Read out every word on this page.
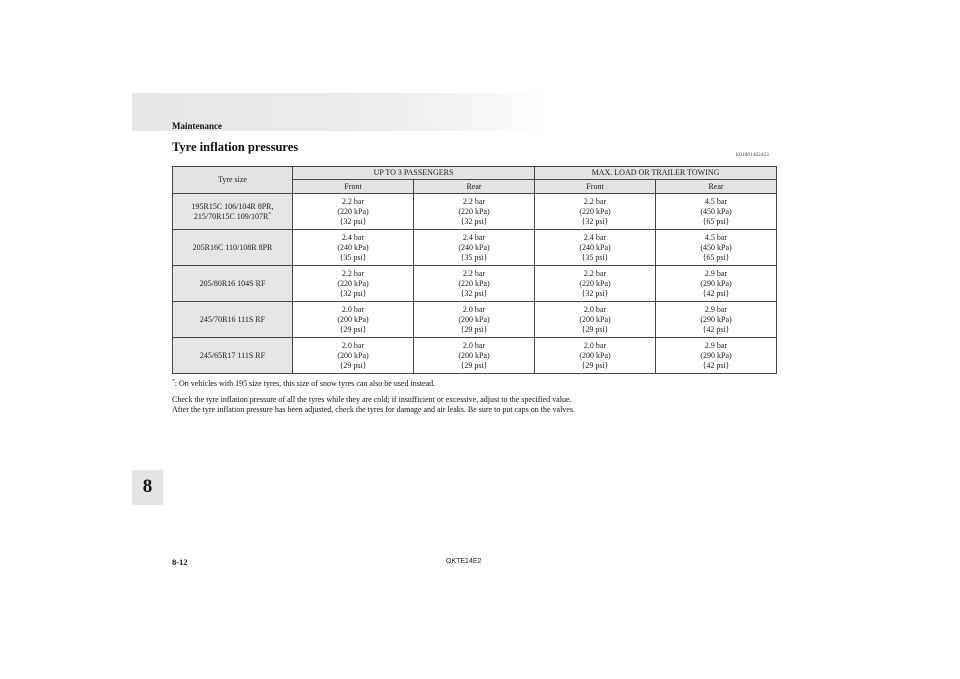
Maintenance
Tyre inflation pressures
E01001402423
Tyre size	UP TO 3 PASSENGERS		MAX. LOAD OR TRAILER TOWING	
	Front	Rear	Front	Rear

195R15C 106/104R 8PR,
215/70R15C 109/107R*	2.2 bar
(220 kPa)
{32 psi}	2.2 bar
(220 kPa)
{32 psi}	2.2 bar
(220 kPa)
{32 psi}	4.5 bar
(450 kPa)
{65 psi}

205R16C 110/108R 8PR	2.4 bar
(240 kPa)
{35 psi}	2.4 bar
(240 kPa)
{35 psi}	2.4 bar
(240 kPa)
{35 psi}	4.5 bar
(450 kPa)
{65 psi}

205/80R16 104S RF	2.2 bar
(220 kPa)
{32 psi}	2.2 bar
(220 kPa)
{32 psi}	2.2 bar
(220 kPa)
{32 psi}	2.9 bar
(290 kPa)
{42 psi}

245/70R16 111S RF	2.0 bar
(200 kPa)
{29 psi}	2.0 bar
(200 kPa)
{29 psi}	2.0 bar
(200 kPa)
{29 psi}	2.9 bar
(290 kPa)
{42 psi}

245/65R17 111S RF	2.0 bar
(200 kPa)
{29 psi}	2.0 bar
(200 kPa)
{29 psi}	2.0 bar
(200 kPa)
{29 psi}	2.9 bar
(290 kPa)
{42 psi}
*: On vehicles with 195 size tyres, this size of snow tyres can also be used instead.
Check the tyre inflation pressure of all the tyres while they are cold; if insufficient or excessive, adjust to the specified value.
After the tyre inflation pressure has been adjusted, check the tyres for damage and air leaks. Be sure to put caps on the valves.
8
8-12	OKTE14E2
